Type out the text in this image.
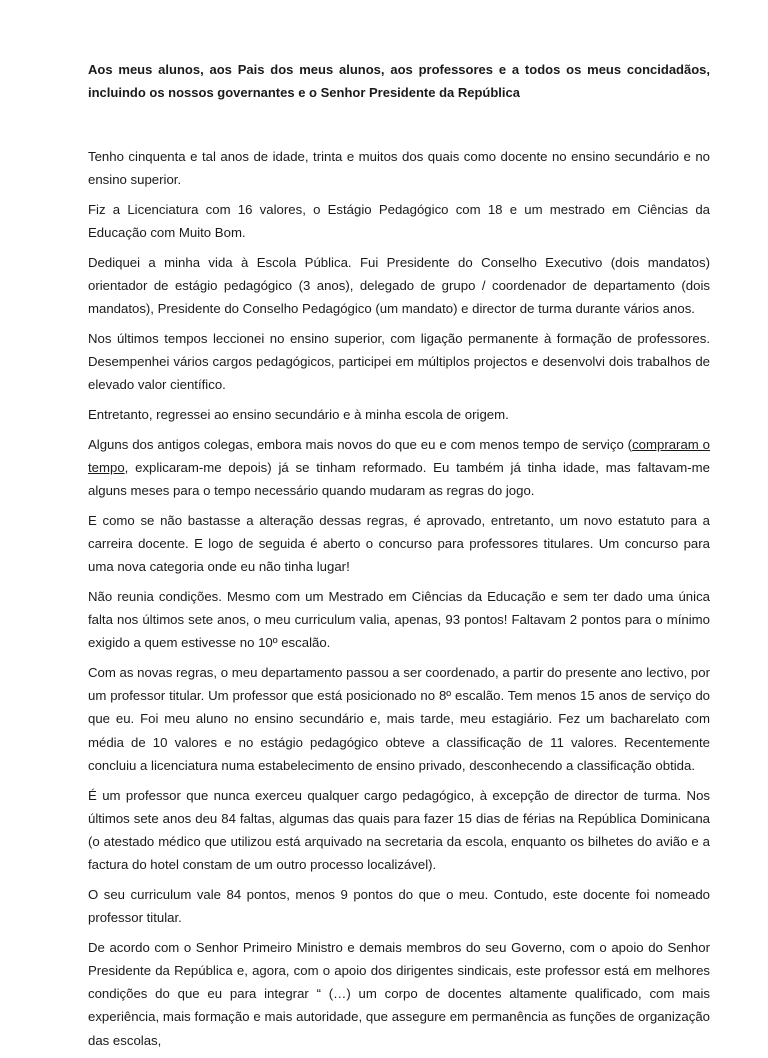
Aos meus alunos, aos Pais dos meus alunos, aos professores e a todos os meus concidadãos, incluindo os nossos governantes e o Senhor Presidente da República

Tenho cinquenta e tal anos de idade, trinta e muitos dos quais como docente no ensino secundário e no ensino superior.

Fiz a Licenciatura com 16 valores, o Estágio Pedagógico com 18 e um mestrado em Ciências da Educação com Muito Bom.

Dediquei a minha vida à Escola Pública. Fui Presidente do Conselho Executivo (dois mandatos) orientador de estágio pedagógico (3 anos), delegado de grupo / coordenador de departamento (dois mandatos), Presidente do Conselho Pedagógico (um mandato) e director de turma durante vários anos.

Nos últimos tempos leccionei no ensino superior, com ligação permanente à formação de professores. Desempenhei vários cargos pedagógicos, participei em múltiplos projectos e desenvolvi dois trabalhos de elevado valor científico.

Entretanto, regressei ao ensino secundário e à minha escola de origem.

Alguns dos antigos colegas, embora mais novos do que eu e com menos tempo de serviço (compraram o tempo, explicaram-me depois) já se tinham reformado. Eu também já tinha idade, mas faltavam-me alguns meses para o tempo necessário quando mudaram as regras do jogo.

E como se não bastasse a alteração dessas regras, é aprovado, entretanto, um novo estatuto para a carreira docente. E logo de seguida é aberto o concurso para professores titulares. Um concurso para uma nova categoria onde eu não tinha lugar!

Não reunia condições. Mesmo com um Mestrado em Ciências da Educação e sem ter dado uma única falta nos últimos sete anos, o meu curriculum valia, apenas, 93 pontos! Faltavam 2 pontos para o mínimo exigido a quem estivesse no 10º escalão.

Com as novas regras, o meu departamento passou a ser coordenado, a partir do presente ano lectivo, por um professor titular. Um professor que está posicionado no 8º escalão. Tem menos 15 anos de serviço do que eu. Foi meu aluno no ensino secundário e, mais tarde, meu estagiário. Fez um bacharelato com média de 10 valores e no estágio pedagógico obteve a classificação de 11 valores. Recentemente concluiu a licenciatura numa estabelecimento de ensino privado, desconhecendo a classificação obtida.

É um professor que nunca exerceu qualquer cargo pedagógico, à excepção de director de turma. Nos últimos sete anos deu 84 faltas, algumas das quais para fazer 15 dias de férias na República Dominicana (o atestado médico que utilizou está arquivado na secretaria da escola, enquanto os bilhetes do avião e a factura do hotel constam de um outro processo localizável).

O seu curriculum vale 84 pontos, menos 9 pontos do que o meu. Contudo, este docente foi nomeado professor titular.

De acordo com o Senhor Primeiro Ministro e demais membros do seu Governo, com o apoio do Senhor Presidente da República e, agora, com o apoio dos dirigentes sindicais, este professor está em melhores condições do que eu para integrar “ (…) um corpo de docentes altamente qualificado, com mais experiência, mais formação e mais autoridade, que assegure em permanência as funções de organização das escolas,
